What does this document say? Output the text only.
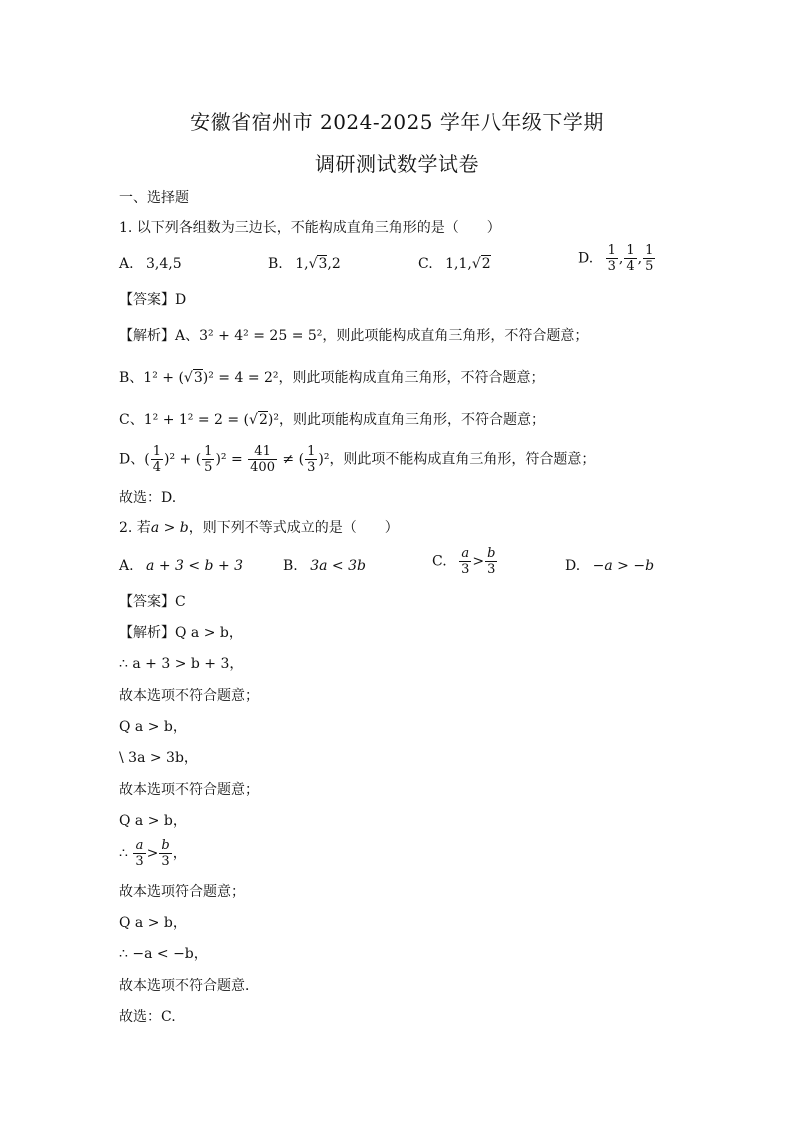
安徽省宿州市 2024-2025 学年八年级下学期
调研测试数学试卷
一、选择题
1. 以下列各组数为三边长，不能构成直角三角形的是（　　）
A. 3,4,5	B. 1,√3,2	C. 1,1,√2	D. $\frac{1}{3}$ , $\frac{1}{4}$ , $\frac{1}{5}$
【答案】D
【解析】A、3² + 4² = 25 = 5²，则此项能构成直角三角形，不符合题意；
B、1² + (√3)² = 4 = 2²，则此项能构成直角三角形，不符合题意；
C、1² + 1² = 2 = (√2)²，则此项能构成直角三角形，不符合题意；
D、( $\frac{1}{4} )^2$ + ( $\frac{1}{5} )^2 = \frac{41}{400}$ ≠ ( $\frac{1}{3} )^2$，则此项不能构成直角三角形，符合题意；
故选：D.
2. 若a > b，则下列不等式成立的是（　　）
A. a + 3 < b + 3	B. 3a < 3b	C. $\frac{a}{3} > \frac{b}{3}$	D. −a > −b
【答案】C
【解析】Q a > b，
∴ a + 3 > b + 3，
故本选项不符合题意；
Q a > b，
\ 3a > 3b，
故本选项不符合题意；
Q a > b，
∴ $\frac{a}{3} > \frac{b}{3}$ ，
故本选项符合题意；
Q a > b，
∴ −a < −b，
故本选项不符合题意．
故选：C.
